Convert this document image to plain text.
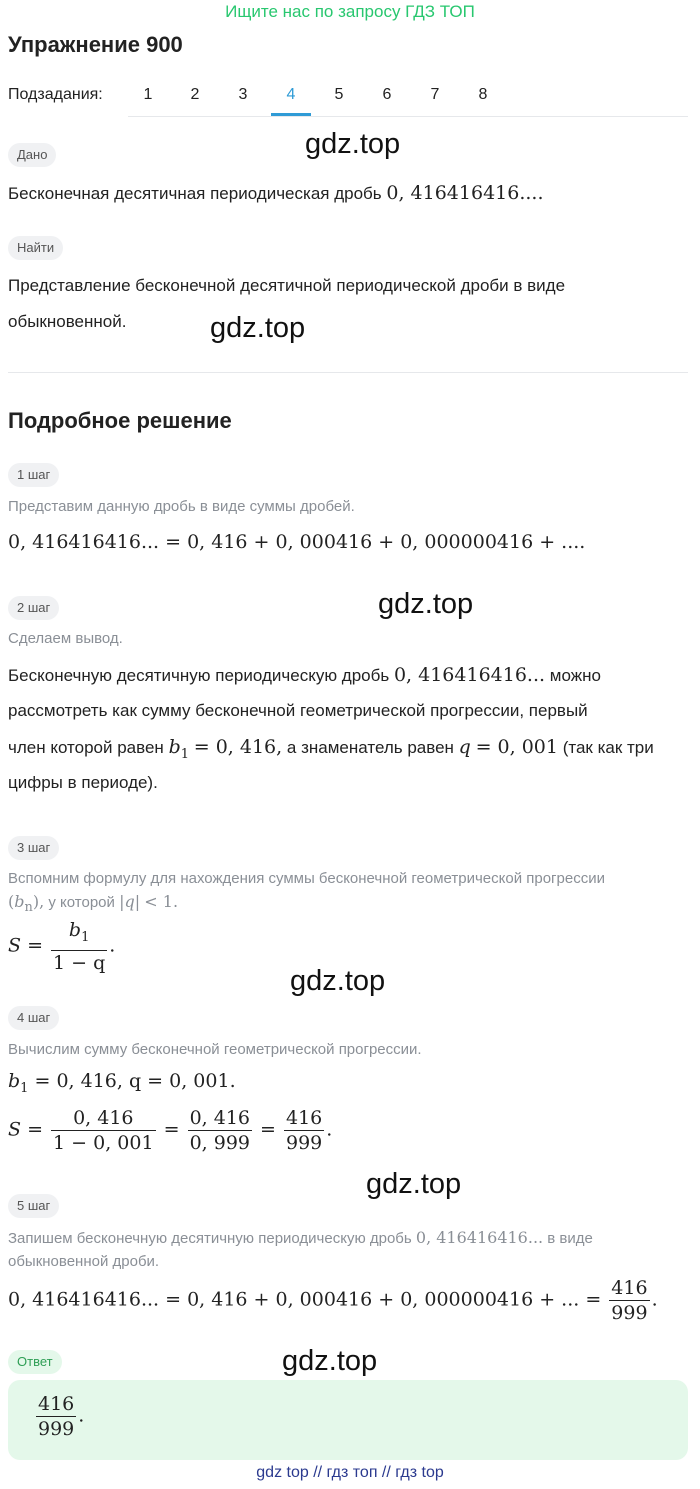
Ищите нас по запросу ГДЗ ТОП
Упражнение 900
Подзадания:	1	2	3	4	5	6	7	8
Дано	gdz.top
Бесконечная десятичная периодическая дробь 0, 416416416....
Найти
Представление бесконечной десятичной периодической дроби в виде
обыкновенной.	gdz.top
Подробное решение
1 шаг
Представим данную дробь в виде суммы дробей.
0, 416416416... = 0, 416 + 0, 000416 + 0, 000000416 + ....
2 шаг	gdz.top
Сделаем вывод.
Бесконечную десятичную периодическую дробь 0, 416416416... можно
рассмотреть как сумму бесконечной геометрической прогрессии, первый
член которой равен $b_1 = 0$, 416, а знаменатель равен q = 0, 001 (так как три
цифры в периоде).
3 шаг
Вспомним формулу для нахождения суммы бесконечной геометрической прогрессии
$(b_n)$, у которой |q| < 1.
$S = \frac{b_1}{1 - q}$ .
gdz.top
4 шаг
Вычислим сумму бесконечной геометрической прогрессии.
$b_1 = 0$, 416, q = 0, 001.
$S = \frac{0, 416}{1 - 0, 001} = \frac{0, 416}{0, 999} = \frac{416}{999}$ .
gdz.top
5 шаг
Запишем бесконечную десятичную периодическую дробь 0, 416416416... в виде
обыкновенной дроби.
0, 416416416... = 0, 416 + 0, 000416 + 0, 000000416 + ... = $\frac{416}{999}$ .
Ответ	gdz.top
$\frac{416}{999}$ .
gdz top // гдз топ // гдз top
